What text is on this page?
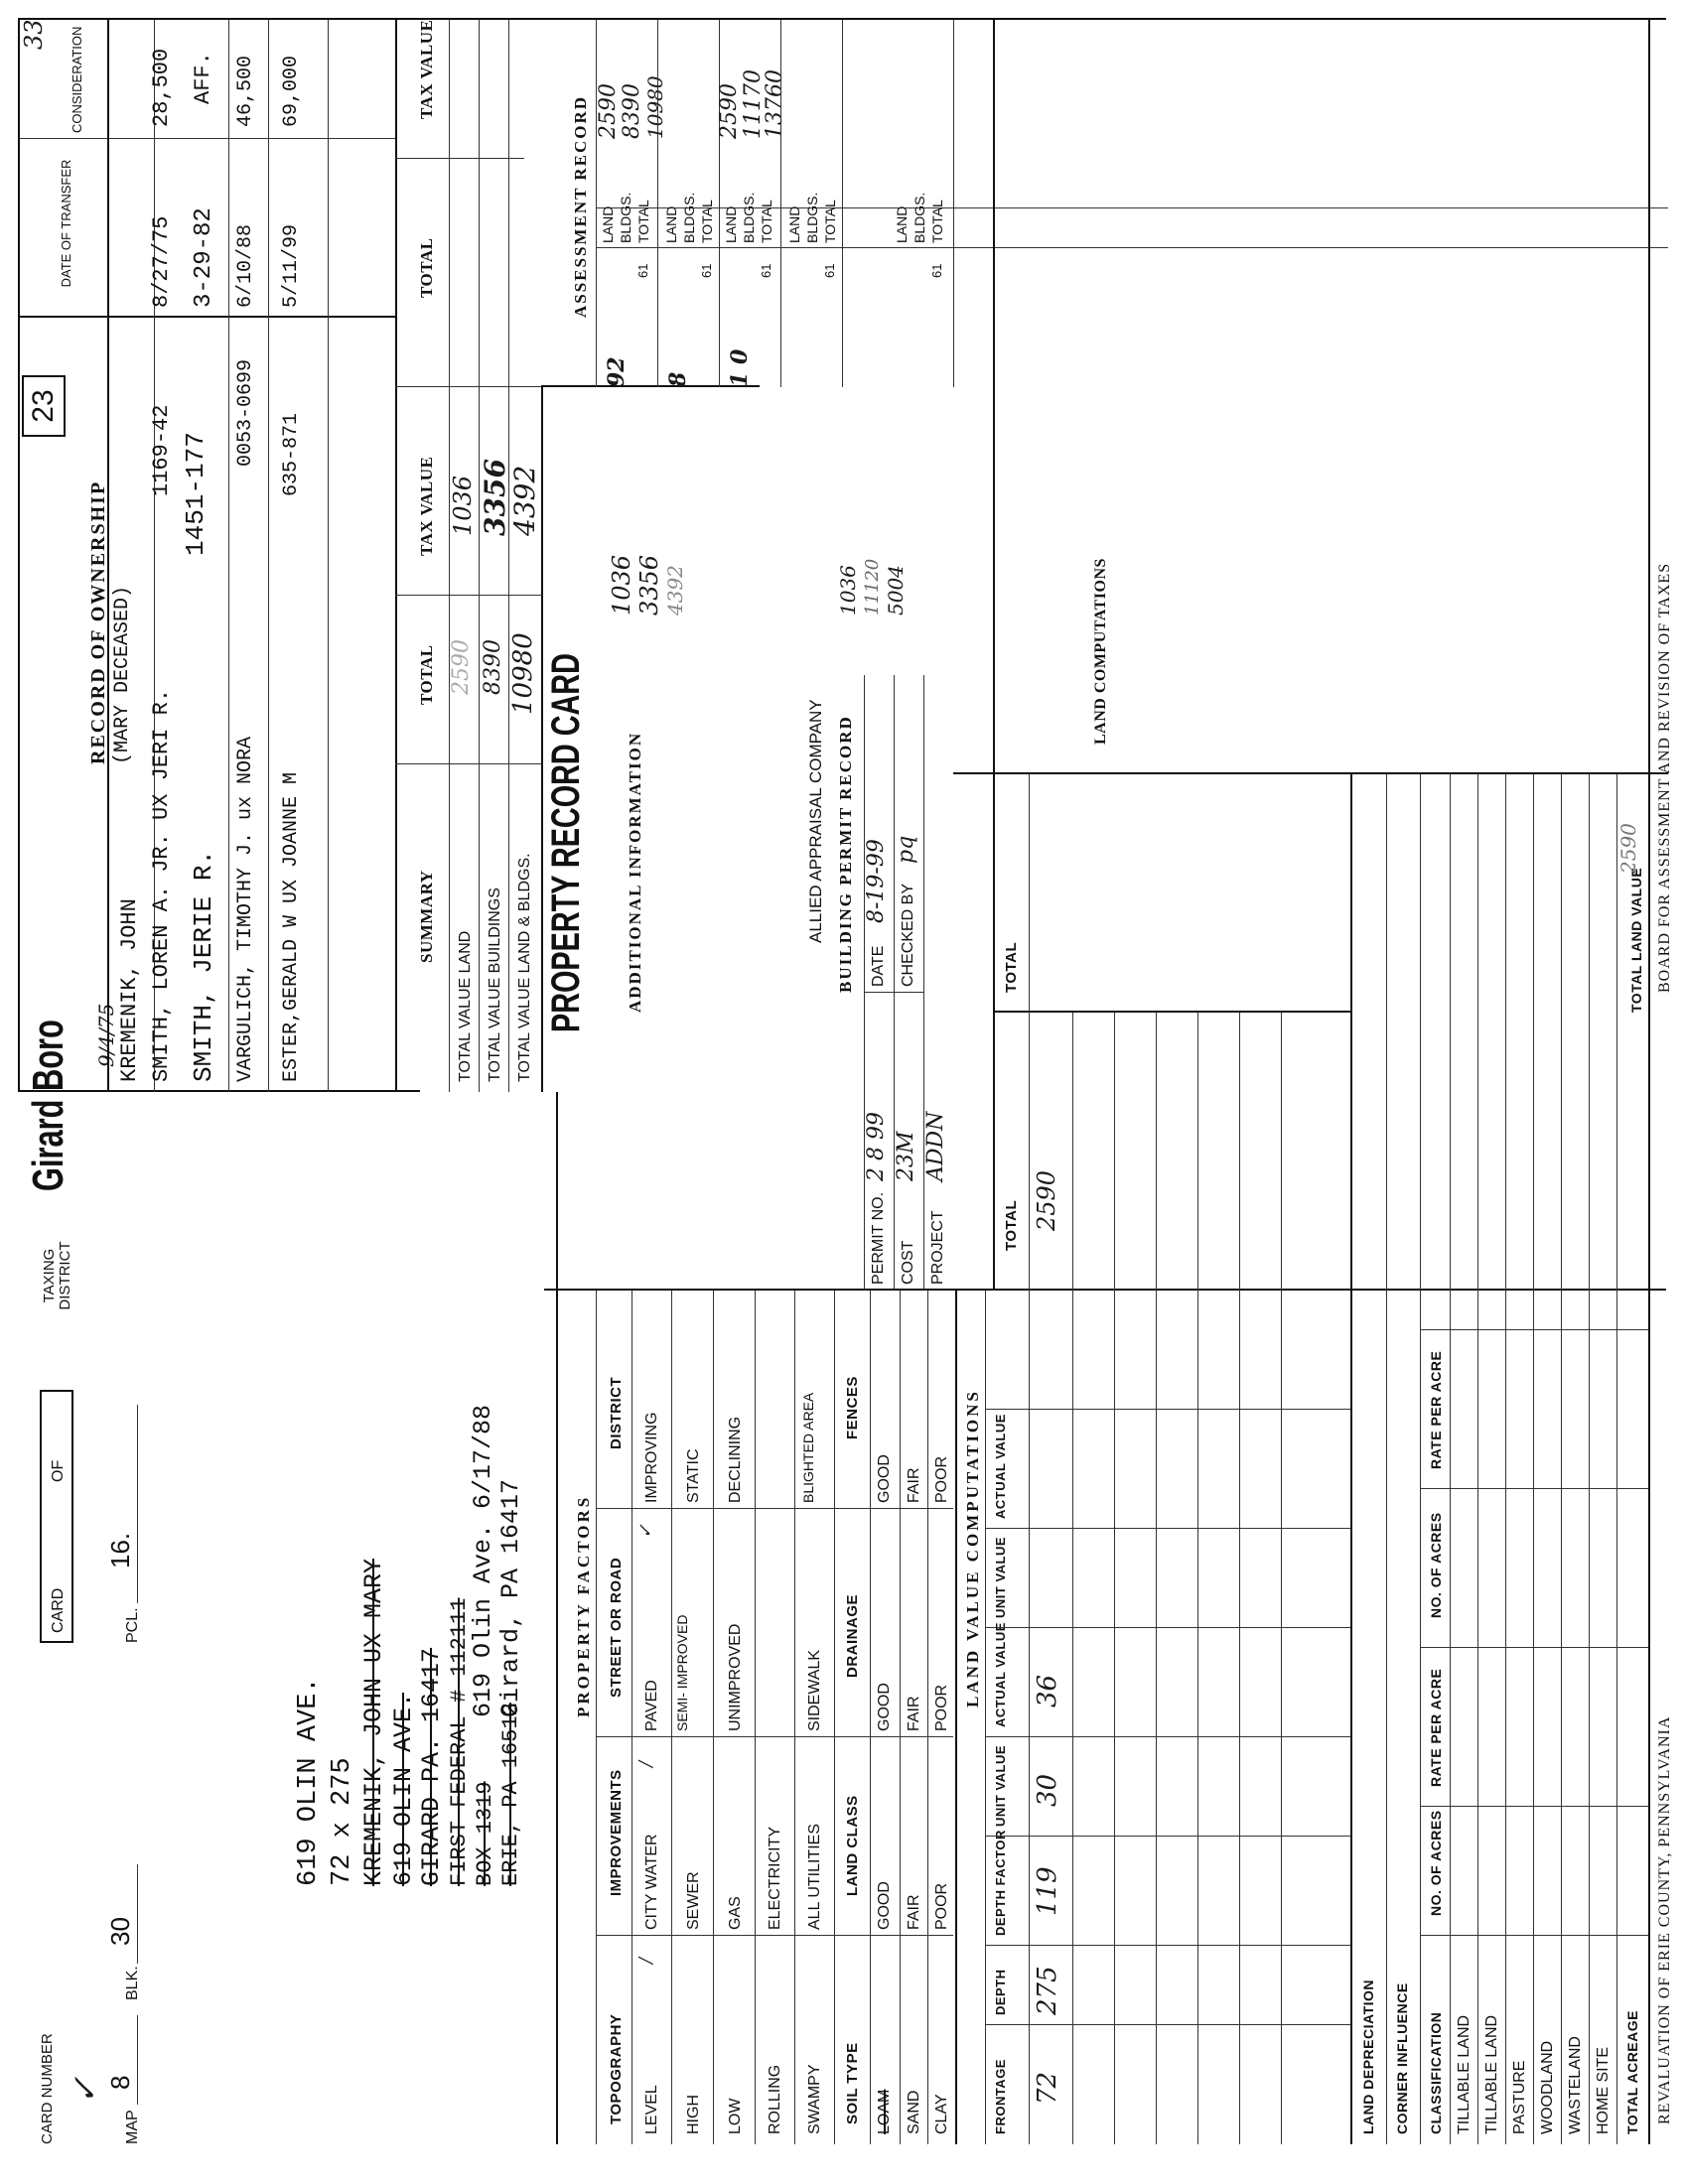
CARD NUMBER ✓
CARD
OF
TAXING DISTRICT
Girard Boro 9/4/75
23
33
MAP
8
BLK.
30
PCL.
16.
619 OLIN AVE. 72 x 275 KREMENIK, JOHN UX MARY 619 OLIN AVE. GIRARD PA. 16417 FIRST FEDERAL # 112111 BOX 1319 ERIE, PA 16512
619 Olin Ave. 6/17/88 Girard, PA 16417
RECORD OF OWNERSHIP
DATE OF TRANSFER
CONSIDERATION
KREMENIK, JOHN
(MARY DECEASED)
SMITH, LOREN A. JR. UX JERI R.
1169-42
8/27/75
28,500
SMITH, JERIE R.
1451-177
3-29-82
AFF.
VARGULICH, TIMOTHY J. ux NORA
0053-0699
6/10/88
46,500
ESTER,GERALD W UX JOANNE M
635-871
5/11/99
69,000
SUMMARY
TOTAL
TAX VALUE
TOTAL
TAX VALUE
TOTAL VALUE LAND
2590
1036
TOTAL VALUE BUILDINGS
8390
3356
TOTAL VALUE LAND & BLDGS.
10980
4392
PROPERTY RECORD CARD ADDITIONAL INFORMATION
1036 3356 4392
ALLIED APPRAISAL COMPANY BUILDING PERMIT RECORD
1036 11120 5004
PERMIT NO.
2 8 99
DATE
8-19-99
COST
23M
CHECKED BY
pq
PROJECT
ADDN
ASSESSMENT RECORD
92
LAND
2590
BLDGS.
8390
TOTAL
10980
61
8
LAND BLDGS. TOTAL
61
1 0
LAND
2590
BLDGS.
11170
TOTAL
13760
61
LAND BLDGS. TOTAL
61
LAND BLDGS. TOTAL
61
PROPERTY FACTORS
TOPOGRAPHY
IMPROVEMENTS
STREET OR ROAD
DISTRICT
LEVEL HIGH LOW ROLLING SWAMPY
/
CITY WATER SEWER GAS ELECTRICITY ALL UTILITIES
/
PAVED SEMI- IMPROVED UNIMPROVED	SIDEWALK
✓
IMPROVING STATIC DECLINING	BLIGHTED AREA
SOIL TYPE
LAND CLASS
DRAINAGE
FENCES
LOAM SAND CLAY
GOOD FAIR POOR
GOOD FAIR POOR
GOOD FAIR POOR LAND VALUE COMPUTATIONS
FRONTAGE
DEPTH
DEPTH FACTOR
UNIT VALUE
ACTUAL VALUE
UNIT VALUE
ACTUAL VALUE
TOTAL
TOTAL
LAND COMPUTATIONS
72
275
119
30
36
2590
LAND DEPRECIATION CORNER INFLUENCE CLASSIFICATION
NO. OF ACRES
RATE PER ACRE
NO. OF ACRES
RATE PER ACRE
TILLABLE LAND TILLABLE LAND PASTURE WOODLAND WASTELAND HOME SITE TOTAL ACREAGE
TOTAL LAND VALUE
2590
REVALUATION OF ERIE COUNTY, PENNSYLVANIA
BOARD FOR ASSESSMENT AND REVISION OF TAXES
